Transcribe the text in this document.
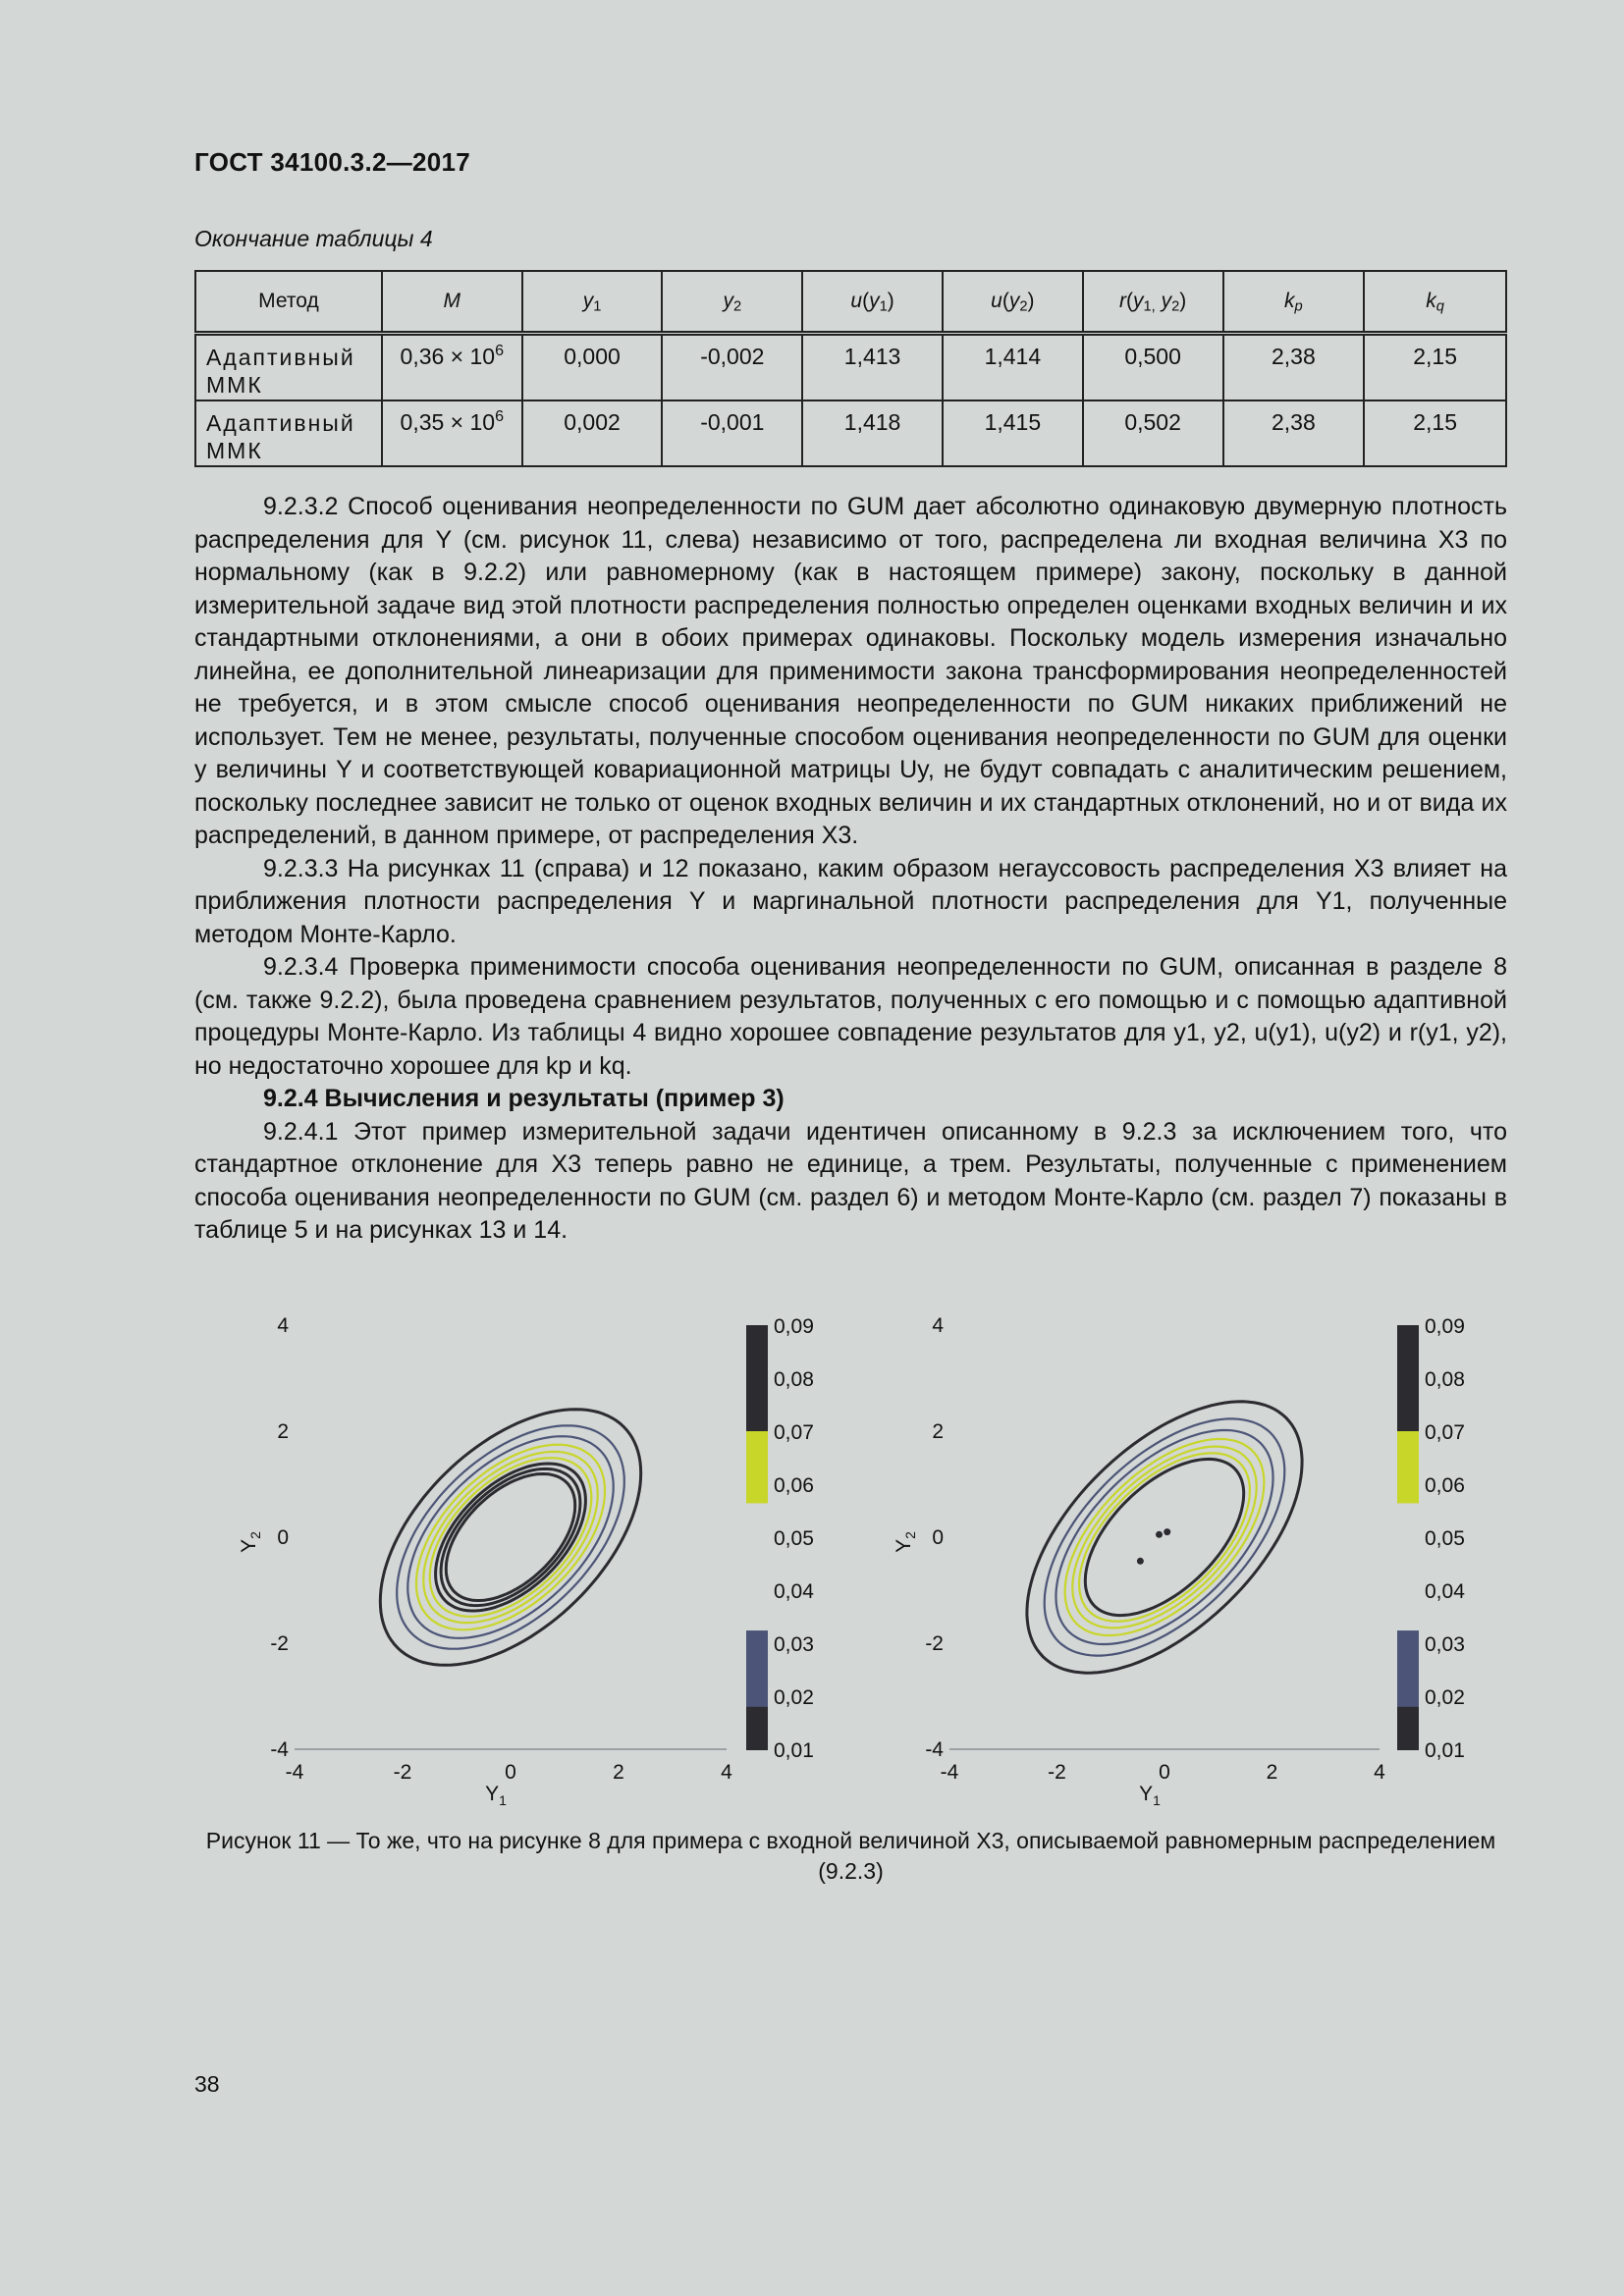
ГОСТ 34100.3.2—2017
Окончание таблицы 4
Метод	M	$y_1$	$y_2$	$u(y_1)$	$u(y_2)$	$r(y_{1,}$ $y_2$)	$k_p$	$k_q$
Адаптивный ММК	$0,36 \times 10^6$	0,000	-0,002	1,413	1,414	0,500	2,38	2,15
Адаптивный ММК	$0,35 \times 10^6$	0,002	-0,001	1,418	1,415	0,502	2,38	2,15

9.2.3.2 Способ оценивания неопределенности по GUM дает абсолютно одинаковую двумерную плотность распределения для Y (см. рисунок 11, слева) независимо от того, распределена ли входная величина X3 по нормальному (как в 9.2.2) или равномерному (как в настоящем примере) закону, поскольку в данной измерительной задаче вид этой плотности распределения полностью определен оценками входных величин и их стандартными отклонениями, а они в обоих примерах одинаковы. Поскольку модель измерения изначально линейна, ее дополнительной линеаризации для применимости закона трансформирования неопределенностей не требуется, и в этом смысле способ оценивания неопределенности по GUM никаких приближений не использует. Тем не менее, результаты, полученные способом оценивания неопределенности по GUM для оценки y величины Y и соответствующей ковариационной матрицы Uy, не будут совпадать с аналитическим решением, поскольку последнее зависит не только от оценок входных величин и их стандартных отклонений, но и от вида их распределений, в данном примере, от распределения X3.

9.2.3.3 На рисунках 11 (справа) и 12 показано, каким образом негауссовость распределения X3 влияет на приближения плотности распределения Y и маргинальной плотности распределения для Y1, полученные методом Монте-Карло.

9.2.3.4 Проверка применимости способа оценивания неопределенности по GUM, описанная в разделе 8 (см. также 9.2.2), была проведена сравнением результатов, полученных с его помощью и с помощью адаптивной процедуры Монте-Карло. Из таблицы 4 видно хорошее совпадение результатов для y1, y2, u(y1), u(y2) и r(y1, y2), но недостаточно хорошее для kp и kq.

9.2.4 Вычисления и результаты (пример 3)

9.2.4.1 Этот пример измерительной задачи идентичен описанному в 9.2.3 за исключением того, что стандартное отклонение для X3 теперь равно не единице, а трем. Результаты, полученные с применением способа оценивания неопределенности по GUM (см. раздел 6) и методом Монте-Карло (см. раздел 7) показаны в таблице 5 и на рисунках 13 и 14.

-4	-2	0	2	4
4
2
0
-2
-4
$Y_1$
$Y_2$
0,09
0,08
0,07
0,06
0,05
0,04
0,03
0,02
0,01
-4	-2	0	2	4
4
2
0
-2
-4
$Y_1$
$Y_2$
0,09
0,08
0,07
0,06
0,05
0,04
0,03
0,02
0,01
Рисунок 11 — То же, что на рисунке 8 для примера с входной величиной X3, описываемой равномерным распределением (9.2.3)
38
